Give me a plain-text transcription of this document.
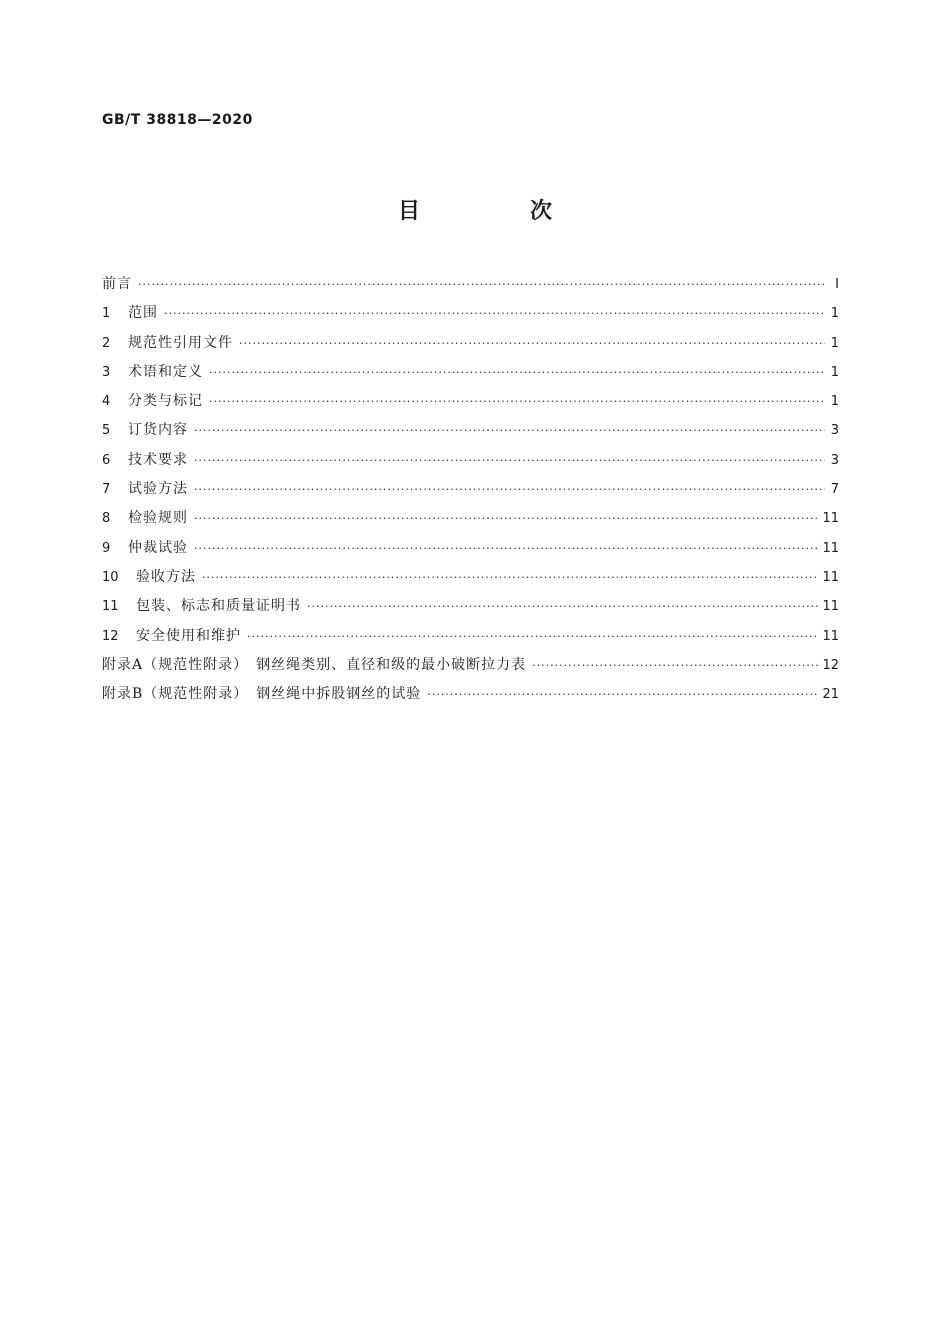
GB/T 38818—2020

目　次
前言 ·····	Ⅰ
1 范围 ·····	1
2 规范性引用文件 ·····	1
3 术语和定义 ·····	1
4 分类与标记 ·····	1
5 订货内容 ·····	3
6 技术要求 ·····	3
7 试验方法 ·····	7
8 检验规则 ·····	11
9 仲裁试验 ·····	11
10 验收方法 ·····	11
11 包装、标志和质量证明书 ·····	11
12 安全使用和维护 ·····	11
附录A（规范性附录）　钢丝绳类别、直径和级的最小破断拉力表 ·····	12
附录B（规范性附录）　钢丝绳中拆股钢丝的试验 ·····	21
